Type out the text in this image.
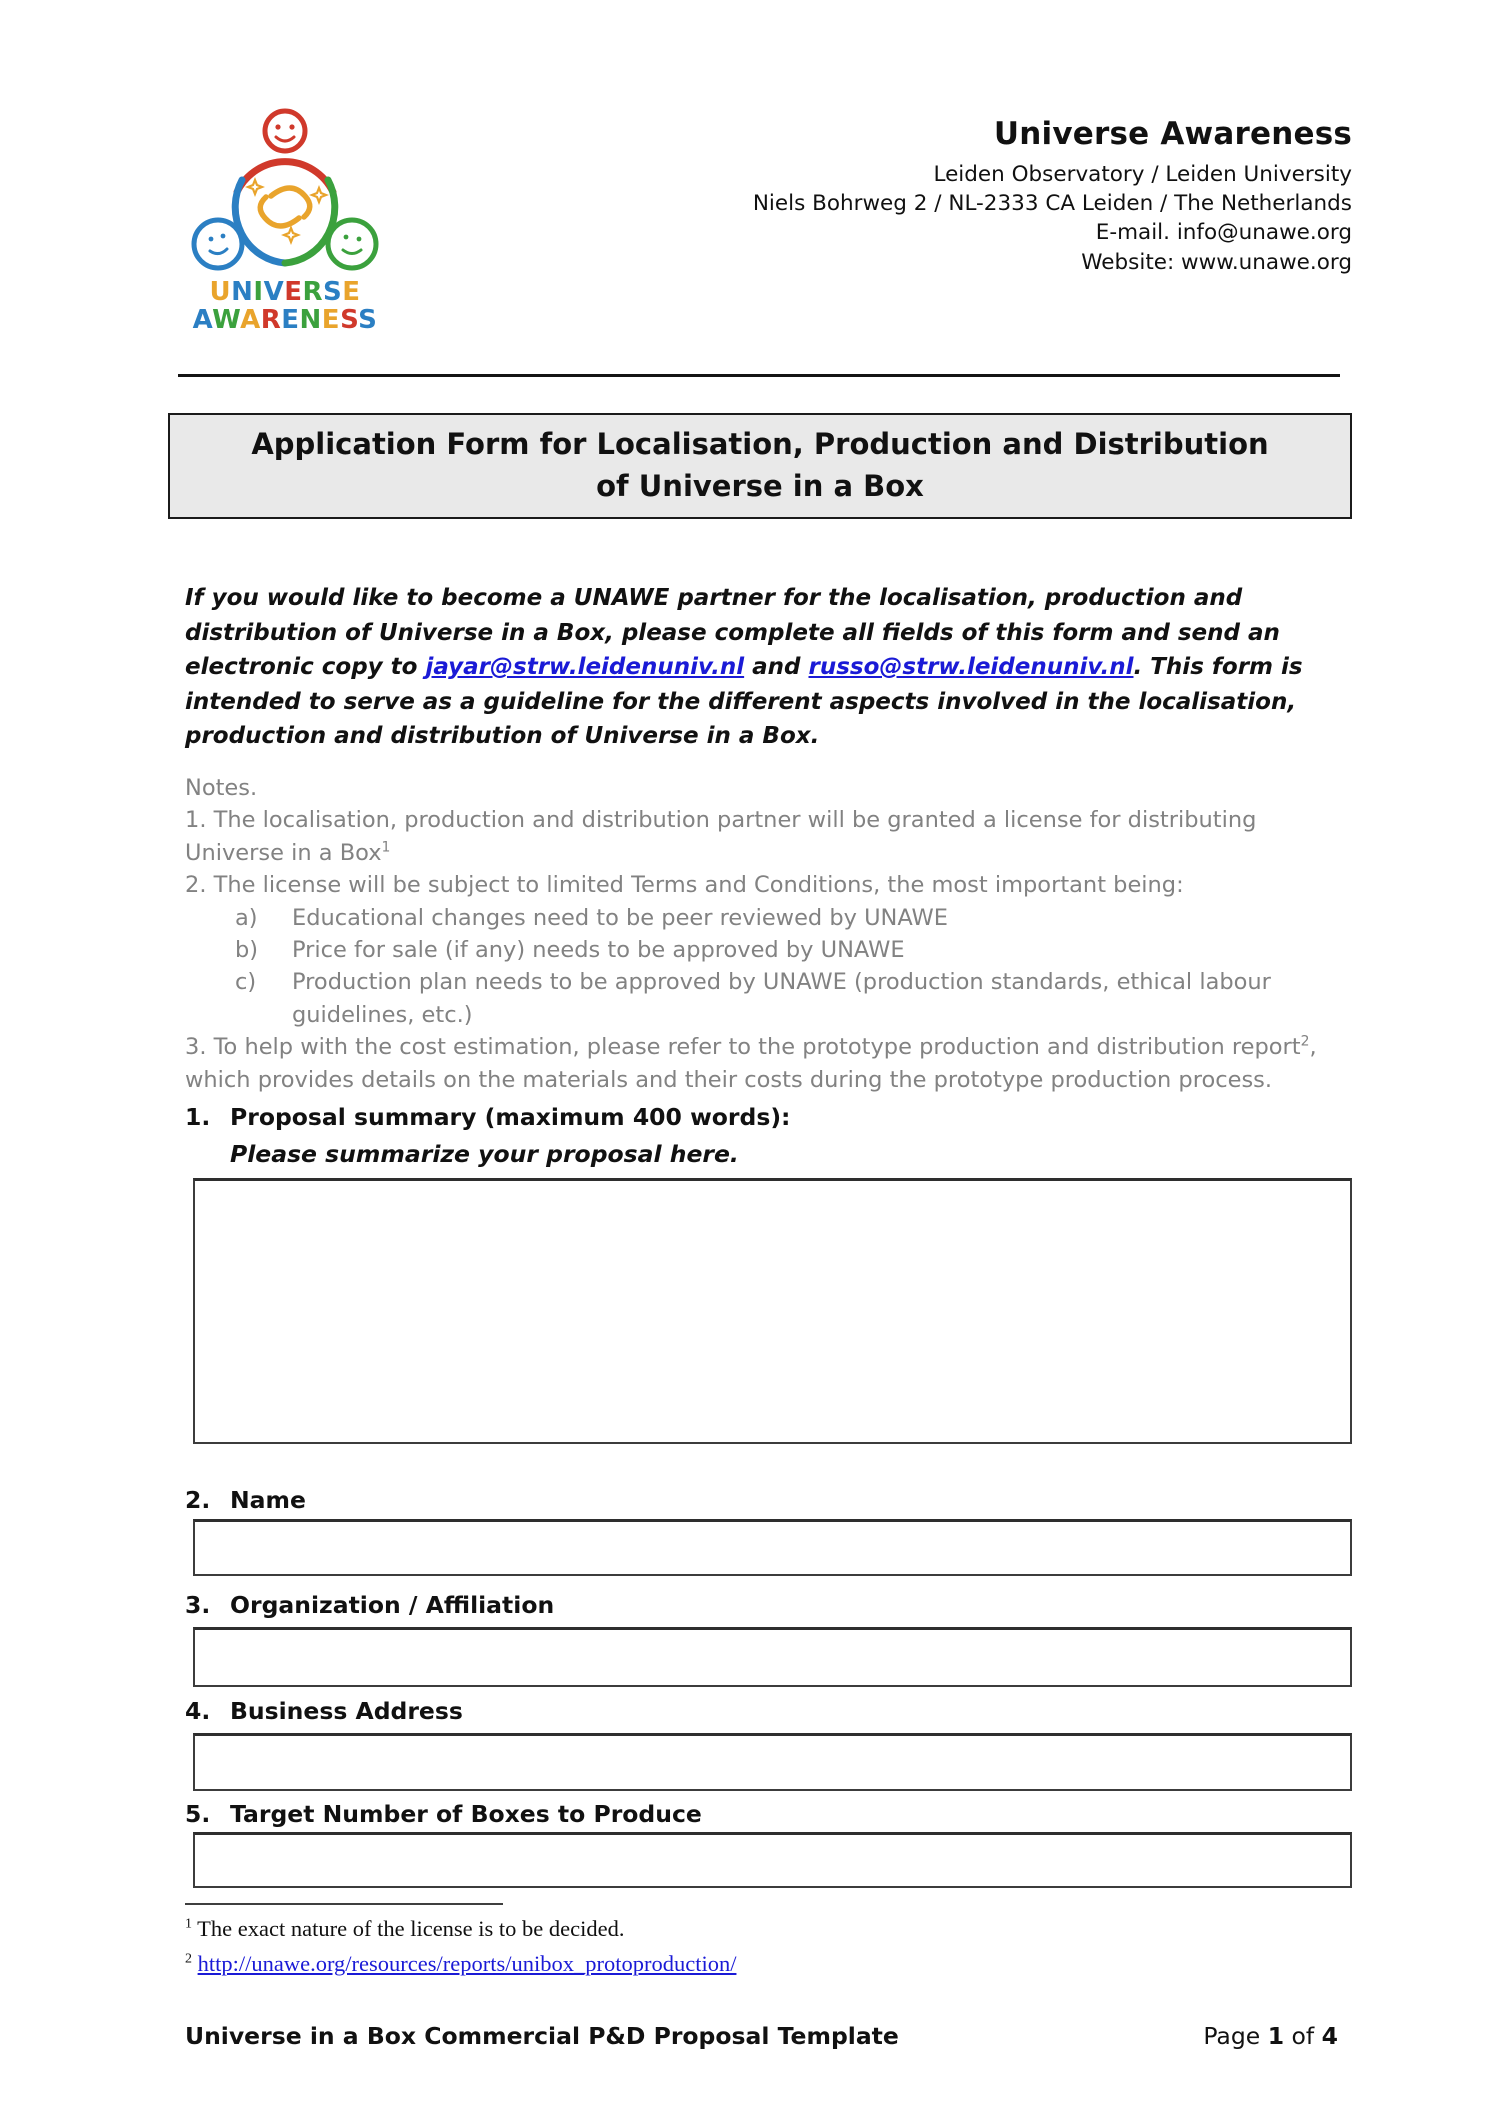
UNIVERSE
AWARENESS
Universe Awareness
Leiden Observatory / Leiden University
Niels Bohrweg 2 / NL-2333 CA Leiden / The Netherlands
E-mail. info@unawe.org
Website: www.unawe.org
Application Form for Localisation, Production and Distribution
of Universe in a Box

If you would like to become a UNAWE partner for the localisation, production and distribution of Universe in a Box, please complete all fields of this form and send an electronic copy to jayar@strw.leidenuniv.nl and russo@strw.leidenuniv.nl. This form is intended to serve as a guideline for the different aspects involved in the localisation, production and distribution of Universe in a Box.

Notes.

1. The localisation, production and distribution partner will be granted a license for distributing Universe in a Box$^1$

2. The license will be subject to limited Terms and Conditions, the most important being:

a)	Educational changes need to be peer reviewed by UNAWE
b)	Price for sale (if any) needs to be approved by UNAWE
c)	Production plan needs to be approved by UNAWE (production standards, ethical labour guidelines, etc.)

3. To help with the cost estimation, please refer to the prototype production and distribution report$^2$, which provides details on the materials and their costs during the prototype production process.

1. Proposal summary (maximum 400 words):
Please summarize your proposal here.
2. Name
3. Organization / Affiliation
4. Business Address
5. Target Number of Boxes to Produce
$^1$ The exact nature of the license is to be decided.
$^2$ http://unawe.org/resources/reports/unibox_protoproduction/
Universe in a Box Commercial P&D Proposal Template	Page 1 of 4
